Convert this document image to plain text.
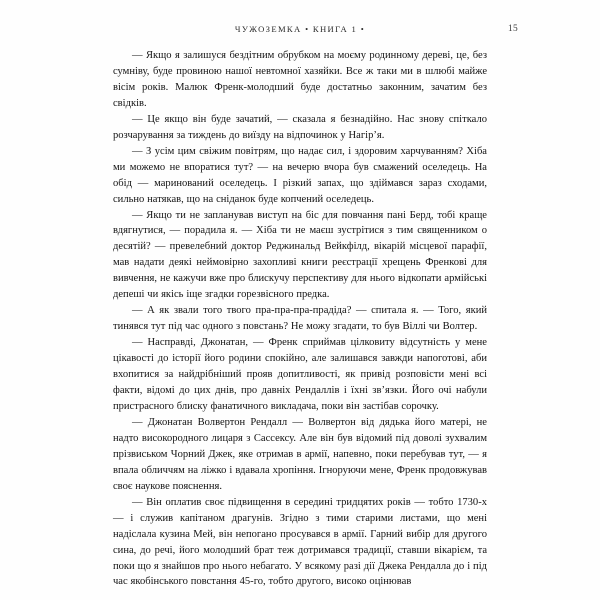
ЧУЖОЗЕМКА • КНИГА 1 •	15

— Якщо я залишуся бездітним обрубком на моєму родинному дереві, це, без сумніву, буде провиною нашої невтомної хазяйки. Все ж таки ми в шлюбі майже вісім років. Малюк Френк-молодший буде достатньо законним, зачатим без свідків.

— Це якщо він буде зачатий, — сказала я безнадійно. Нас знову спіткало розчарування за тиждень до виїзду на відпочинок у Нагір’я.

— З усім цим свіжим повітрям, що надає сил, і здоровим харчуванням? Хіба ми можемо не впоратися тут? — на вечерю вчора був смажений оселедець. На обід — маринований оселедець. І різкий запах, що здіймався зараз сходами, сильно натякав, що на сніданок буде копчений оселедець.

— Якщо ти не запланував виступ на біс для повчання пані Берд, тобі краще вдягнутися, — порадила я. — Хіба ти не маєш зустрітися з тим священником о десятій? — превелебний доктор Реджинальд Вейкфілд, вікарій місцевої парафії, мав надати деякі неймовірно захопливі книги реєстрації хрещень Френкові для вивчення, не кажучи вже про блискучу перспективу для нього відкопати армійські депеші чи якісь іще згадки горезвісного предка.

— А як звали того твого пра-пра-пра-прадіда? — спитала я. — Того, який тинявся тут під час одного з повстань? Не можу згадати, то був Віллі чи Волтер.

— Насправді, Джонатан, — Френк сприймав цілковиту відсутність у мене цікавості до історії його родини спокійно, але залишався завжди напоготові, аби вхопитися за найдрібніший прояв допитливості, як привід розповісти мені всі факти, відомі до цих днів, про давніх Рендаллів і їхні зв’язки. Його очі набули пристрасного блиску фанатичного викладача, поки він застібав сорочку.

— Джонатан Волвертон Рендалл — Волвертон від дядька його матері, не надто високородного лицаря з Сассексу. Але він був відомий під доволі зухвалим прізвиськом Чорний Джек, яке отримав в армії, напевно, поки перебував тут, — я впала обличчям на ліжко і вдавала хропіння. Ігноруючи мене, Френк продовжував своє наукове пояснення.

— Він оплатив своє підвищення в середині тридцятих років — тобто 1730-х — і служив капітаном драгунів. Згідно з тими старими листами, що мені надіслала кузина Мей, він непогано просувався в армії. Гарний вибір для другого сина, до речі, його молодший брат теж дотримався традиції, ставши вікарієм, та поки що я знайшов про нього небагато. У всякому разі дії Джека Рендалла до і під час якобінського повстання 45-го, тобто другого, високо оцінював
